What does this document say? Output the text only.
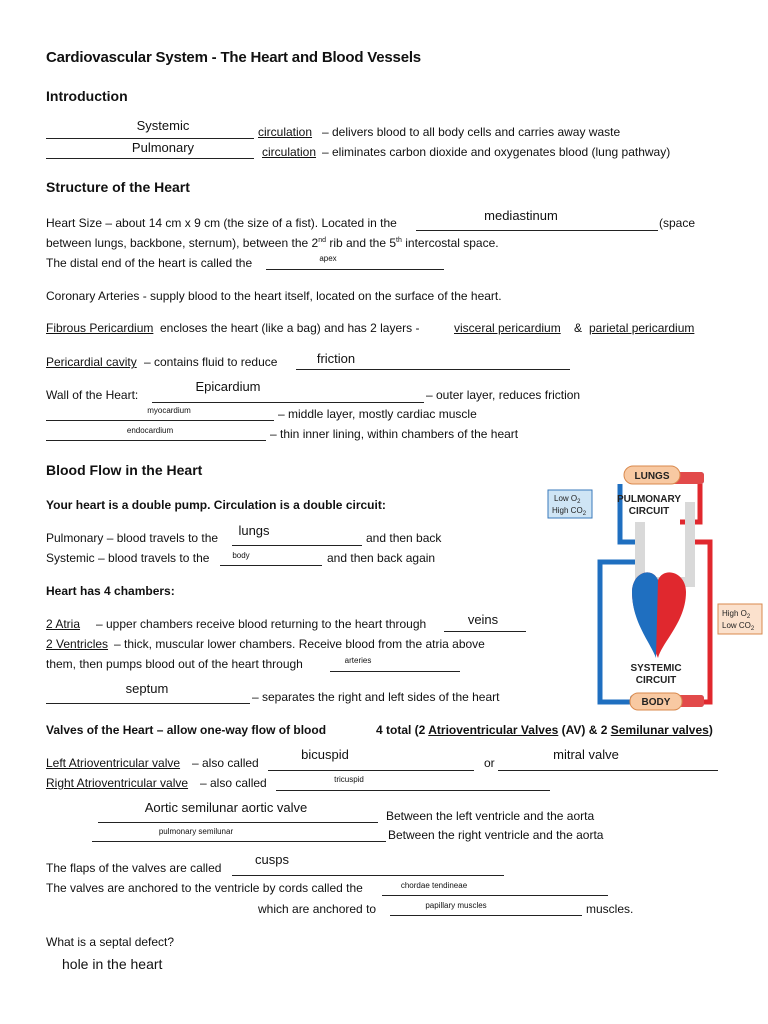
Cardiovascular System - The Heart and Blood Vessels
Introduction
Systemic	circulation – delivers blood to all body cells and carries away waste
Pulmonary	circulation – eliminates carbon dioxide and oxygenates blood (lung pathway)
Structure of the Heart
Heart Size – about 14 cm x 9 cm (the size of a fist). Located in the	mediastinum	(space
between lungs, backbone, sternum), between the 2nd rib and the 5th intercostal space.
The distal end of the heart is called the	apex
Coronary Arteries - supply blood to the heart itself, located on the surface of the heart.
Fibrous Pericardium encloses the heart (like a bag) and has 2 layers -	visceral pericardium & parietal pericardium
Pericardial cavity – contains fluid to reduce	friction
Wall of the Heart:
Epicardium
– outer layer, reduces friction
myocardium	– middle layer, mostly cardiac muscle
endocardium	– thin inner lining, within chambers of the heart
Blood Flow in the Heart
Your heart is a double pump. Circulation is a double circuit:
Pulmonary – blood travels to the	lungs	and then back
Systemic – blood travels to the	body	and then back again
Heart has 4 chambers:
2 Atria – upper chambers receive blood returning to the heart through	veins
2 Ventricles – thick, muscular lower chambers. Receive blood from the atria above
them, then pumps blood out of the heart through	arteries
septum
– separates the right and left sides of the heart
LUNGS
PULMONARY
CIRCUIT
Low $O_2$
High $CO_2$
High $O_2$
Low $CO_2$
SYSTEMIC
CIRCUIT
BODY
Valves of the Heart – allow one-way flow of blood	4 total (2 Atrioventricular Valves (AV) & 2 Semilunar valves)
Left Atrioventricular valve – also called
bicuspid
or
mitral valve
Right Atrioventricular valve – also called	tricuspid
Aortic semilunar aortic valve
Between the left ventricle and the aorta
pulmonary semilunar	Between the right ventricle and the aorta
The flaps of the valves are called
cusps
The valves are anchored to the ventricle by cords called the	chordae tendineae
which are anchored to	papillary muscles	muscles.
What is a septal defect?
hole in the heart
